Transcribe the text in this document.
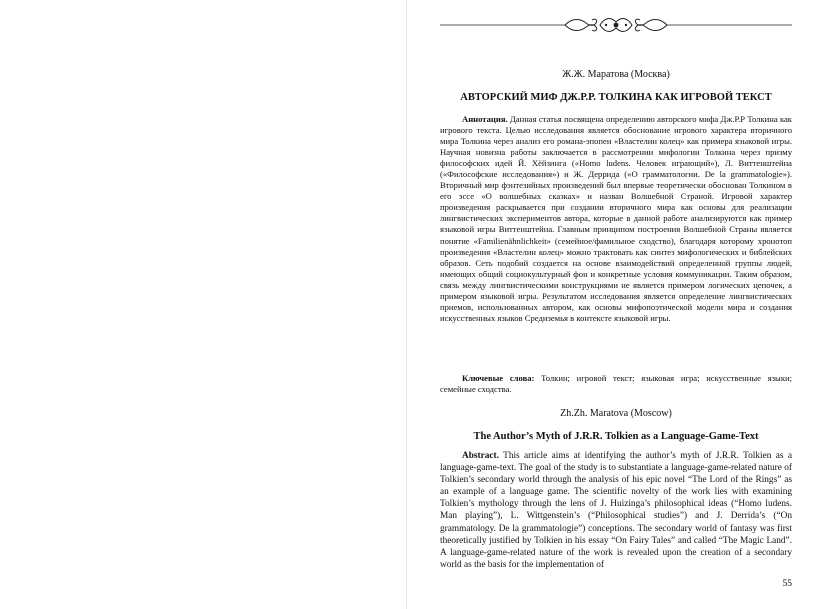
Ж.Ж. Маратова (Москва)
АВТОРСКИЙ МИФ ДЖ.Р.Р. ТОЛКИНА КАК ИГРОВОЙ ТЕКСТ

Аннотация. Данная статья посвящена определению авторского мифа Дж.Р.Р Толкина как игрового текста. Целью исследования является обоснование игрового характера вторичного мира Толкина через анализ его романа-эпопеи «Властелин колец» как примера языковой игры. Научная новизна работы заключается в рассмотрении мифологии Толкина через призму философских идей Й. Хёйзинга («Homo ludens. Человек играющий»), Л. Виттенштейна («Философские исследования») и Ж. Деррида («О грамматологии. De la grammatologie»). Вторичный мир фэнтезийных произведений был впервые теоретически обоснован Толкином в его эссе «О волшебных сказках» и назван Волшебной Страной. Игровой характер произведения раскрывается при создании вторичного мира как основы для реализации лингвистических экспериментов автора, которые в данной работе анализируются как пример языковой игры Виттенштейна. Главным принципом построения Волшебной Страны является понятие «Familienähnlichkeit» (семейное/фамильное сходство), благодаря которому хронотоп произведения «Властелин колец» можно трактовать как синтез мифологических и библейских образов. Сеть подобий создается на основе взаимодействий определенной группы людей, имеющих общий социокультурный фон и конкретные условия коммуникации. Таким образом, связь между лингвистическими конструкциями не является примером логических цепочек, а примером языковой игры. Результатом исследования является определение лингвистических приемов, использованных автором, как основы мифопоэтической модели мира и создания искусственных языков Средиземья в контексте языковой игры.

Ключевые слова: Толкин; игровой текст; языковая игра; искусственные языки; семейные сходства.

Zh.Zh. Maratova (Moscow)
The Author’s Myth of J.R.R. Tolkien as a Language-Game-Text

Abstract. This article aims at identifying the author’s myth of J.R.R. Tolkien as a language-game-text. The goal of the study is to substantiate a language-game-related nature of Tolkien’s secondary world through the analysis of his epic novel “The Lord of the Rings” as an example of a language game. The scientific novelty of the work lies with examining Tolkien’s mythology through the lens of J. Huizinga’s philosophical ideas (“Homo ludens. Man playing”), L. Wittgenstein’s (“Philosophical studies”) and J. Derrida’s (“On grammatology. De la grammatologie”) conceptions. The secondary world of fantasy was first theoretically justified by Tolkien in his essay “On Fairy Tales” and called “The Magic Land”. A language-game-related nature of the work is revealed upon the creation of a secondary world as the basis for the implementation of

55
